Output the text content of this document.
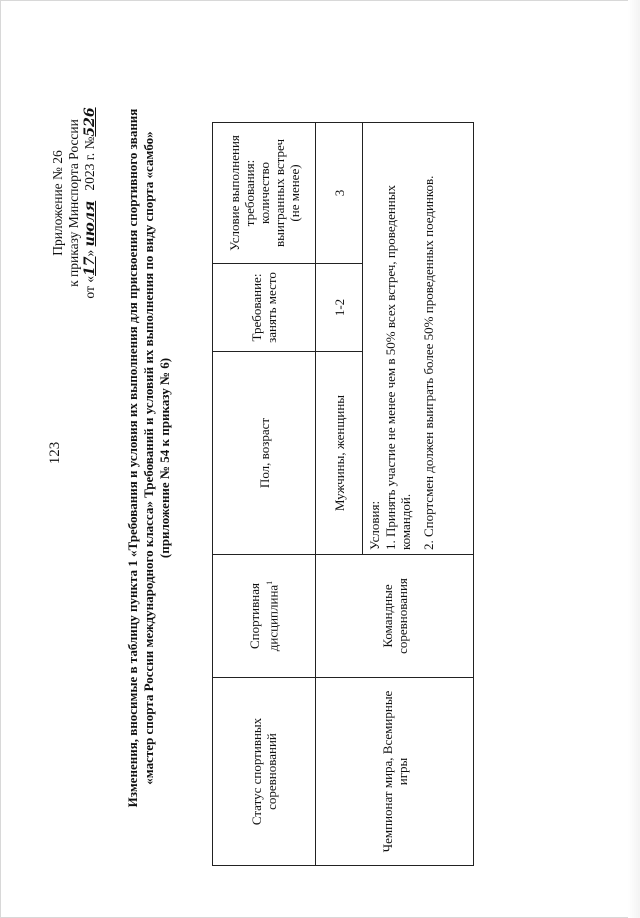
123
Приложение № 26 к приказу Минспорта России
от «17» июля   2023 г. №526 Изменения, вносимые в таблицу пункта 1 «Требования и условия их выполнения для присвоения спортивного звания «мастер спорта России международного класса» Требований и условий их выполнения по виду спорта «самбо» (приложение № 54 к приказу № 6)
Статус спортивных соревнований	Спортивная дисциплина$^1$	Пол, возраст	Требование: занять место	Условие выполнения требования: количество выигранных встреч (не менее)
Чемпионат мира, Всемирные игры	Командные соревнования	Мужчины, женщины	1-2	3

		Условия: 1. Принять участие не менее чем в 50% всех встреч, проведенных командой. 2. Спортсмен должен выиграть более 50% проведенных поединков.		
